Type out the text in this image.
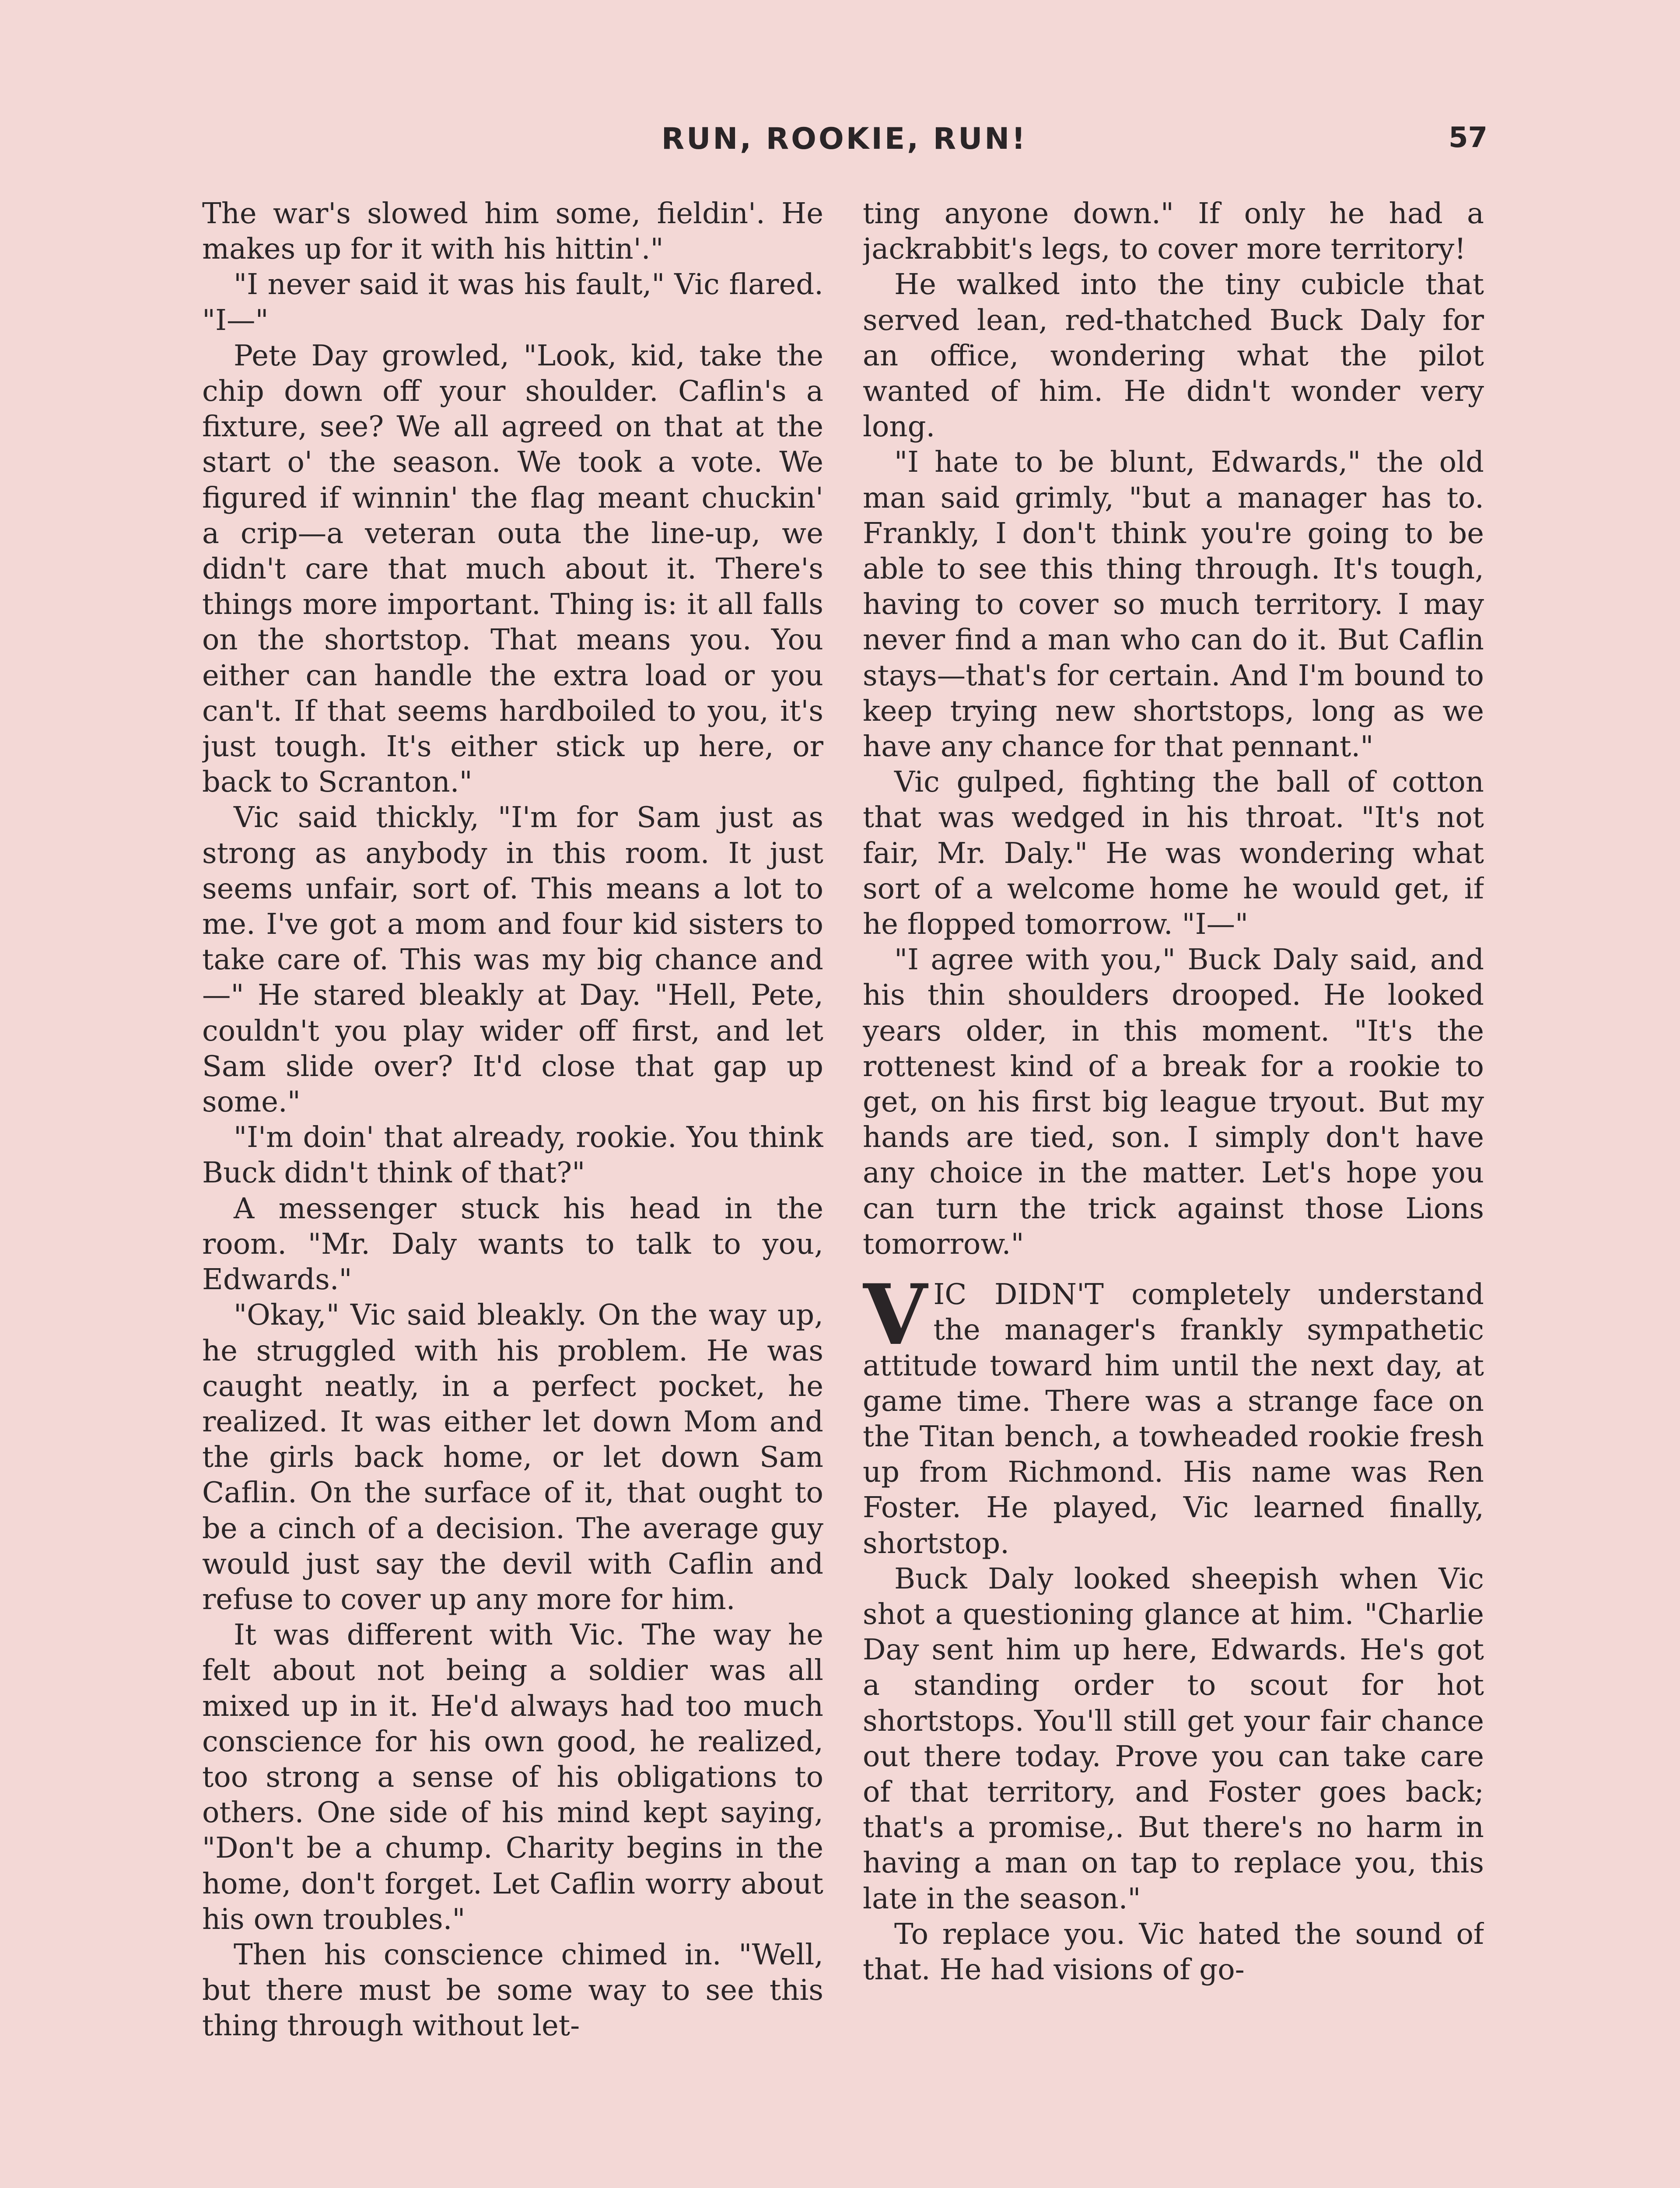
RUN, ROOKIE, RUN!	57

The war's slowed him some, fieldin'. He makes up for it with his hittin'."

"I never said it was his fault," Vic flared. "I—"

Pete Day growled, "Look, kid, take the chip down off your shoulder. Caflin's a fixture, see? We all agreed on that at the start o' the season. We took a vote. We figured if winnin' the flag meant chuckin' a crip—a veteran outa the line-up, we didn't care that much about it. There's things more important. Thing is: it all falls on the shortstop. That means you. You either can handle the extra load or you can't. If that seems hardboiled to you, it's just tough. It's either stick up here, or back to Scranton."

Vic said thickly, "I'm for Sam just as strong as anybody in this room. It just seems unfair, sort of. This means a lot to me. I've got a mom and four kid sisters to take care of. This was my big chance and—" He stared bleakly at Day. "Hell, Pete, couldn't you play wider off first, and let Sam slide over? It'd close that gap up some."

"I'm doin' that already, rookie. You think Buck didn't think of that?"

A messenger stuck his head in the room. "Mr. Daly wants to talk to you, Edwards."

"Okay," Vic said bleakly. On the way up, he struggled with his problem. He was caught neatly, in a perfect pocket, he realized. It was either let down Mom and the girls back home, or let down Sam Caflin. On the surface of it, that ought to be a cinch of a decision. The average guy would just say the devil with Caflin and refuse to cover up any more for him.

It was different with Vic. The way he felt about not being a soldier was all mixed up in it. He'd always had too much conscience for his own good, he realized, too strong a sense of his obligations to others. One side of his mind kept saying, "Don't be a chump. Charity begins in the home, don't forget. Let Caflin worry about his own troubles."

Then his conscience chimed in. "Well, but there must be some way to see this thing through without let-

ting anyone down." If only he had a jackrabbit's legs, to cover more territory!

He walked into the tiny cubicle that served lean, red-thatched Buck Daly for an office, wondering what the pilot wanted of him. He didn't wonder very long.

"I hate to be blunt, Edwards," the old man said grimly, "but a manager has to. Frankly, I don't think you're going to be able to see this thing through. It's tough, having to cover so much territory. I may never find a man who can do it. But Caflin stays—that's for certain. And I'm bound to keep trying new shortstops, long as we have any chance for that pennant."

Vic gulped, fighting the ball of cotton that was wedged in his throat. "It's not fair, Mr. Daly." He was wondering what sort of a welcome home he would get, if he flopped tomorrow. "I—"

"I agree with you," Buck Daly said, and his thin shoulders drooped. He looked years older, in this moment. "It's the rottenest kind of a break for a rookie to get, on his first big league tryout. But my hands are tied, son. I simply don't have any choice in the matter. Let's hope you can turn the trick against those Lions tomorrow."

VIC DIDN'T completely understand the manager's frankly sympathetic attitude toward him until the next day, at game time. There was a strange face on the Titan bench, a towheaded rookie fresh up from Richmond. His name was Ren Foster. He played, Vic learned finally, shortstop.

Buck Daly looked sheepish when Vic shot a questioning glance at him. "Charlie Day sent him up here, Edwards. He's got a standing order to scout for hot shortstops. You'll still get your fair chance out there today. Prove you can take care of that territory, and Foster goes back; that's a promise,. But there's no harm in having a man on tap to replace you, this late in the season."

To replace you. Vic hated the sound of that. He had visions of go-
